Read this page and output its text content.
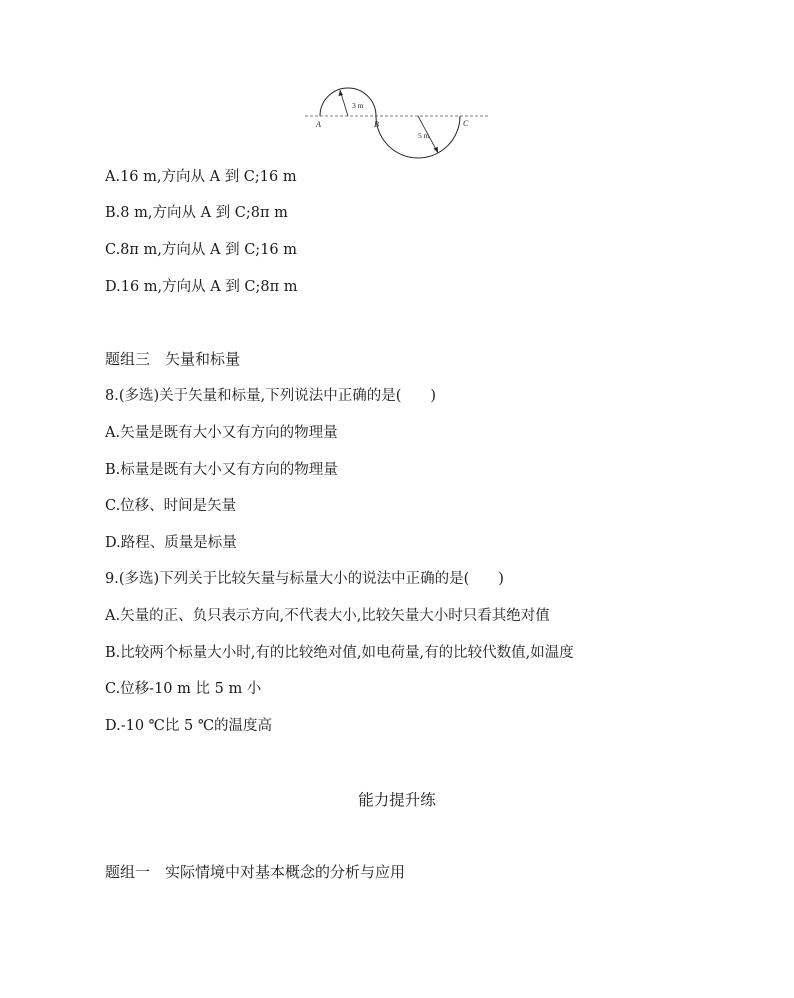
A	B	C
3 m
5 m
A.16 m,方向从 A 到 C;16 m
B.8 m,方向从 A 到 C;8π m
C.8π m,方向从 A 到 C;16 m
D.16 m,方向从 A 到 C;8π m
题组三　矢量和标量
8.(多选)关于矢量和标量,下列说法中正确的是(　　)
A.矢量是既有大小又有方向的物理量
B.标量是既有大小又有方向的物理量
C.位移、时间是矢量
D.路程、质量是标量
9.(多选)下列关于比较矢量与标量大小的说法中正确的是(　　)
A.矢量的正、负只表示方向,不代表大小,比较矢量大小时只看其绝对值
B.比较两个标量大小时,有的比较绝对值,如电荷量,有的比较代数值,如温度
C.位移-10 m 比 5 m 小
D.-10 ℃比 5 ℃的温度高
能力提升练
题组一　实际情境中对基本概念的分析与应用
